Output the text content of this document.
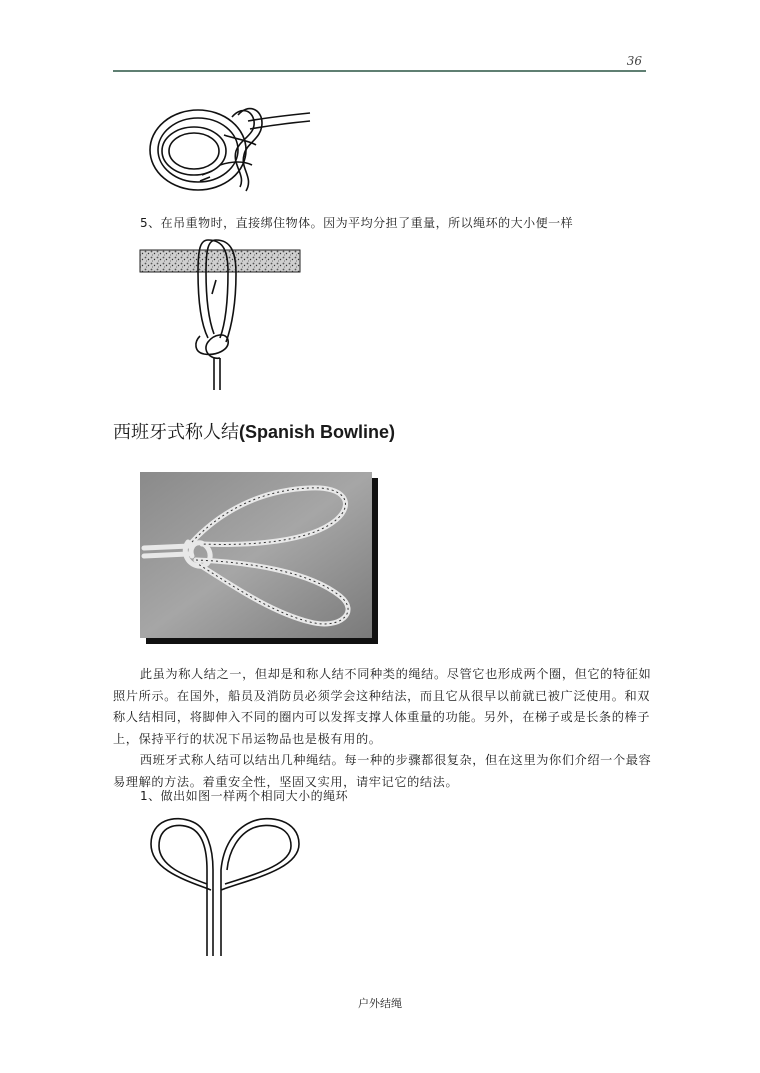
36
5、在吊重物时，直接绑住物体。因为平均分担了重量，所以绳环的大小便一样
西班牙式称人结(Spanish Bowline)

此虽为称人结之一，但却是和称人结不同种类的绳结。尽管它也形成两个圈，但它的特征如照片所示。在国外，船员及消防员必须学会这种结法，而且它从很早以前就已被广泛使用。和双称人结相同，将脚伸入不同的圈内可以发挥支撑人体重量的功能。另外，在梯子或是长条的棒子上，保持平行的状况下吊运物品也是极有用的。

西班牙式称人结可以结出几种绳结。每一种的步骤都很复杂，但在这里为你们介绍一个最容易理解的方法。着重安全性，坚固又实用，请牢记它的结法。

1、做出如图一样两个相同大小的绳环
户外结绳
